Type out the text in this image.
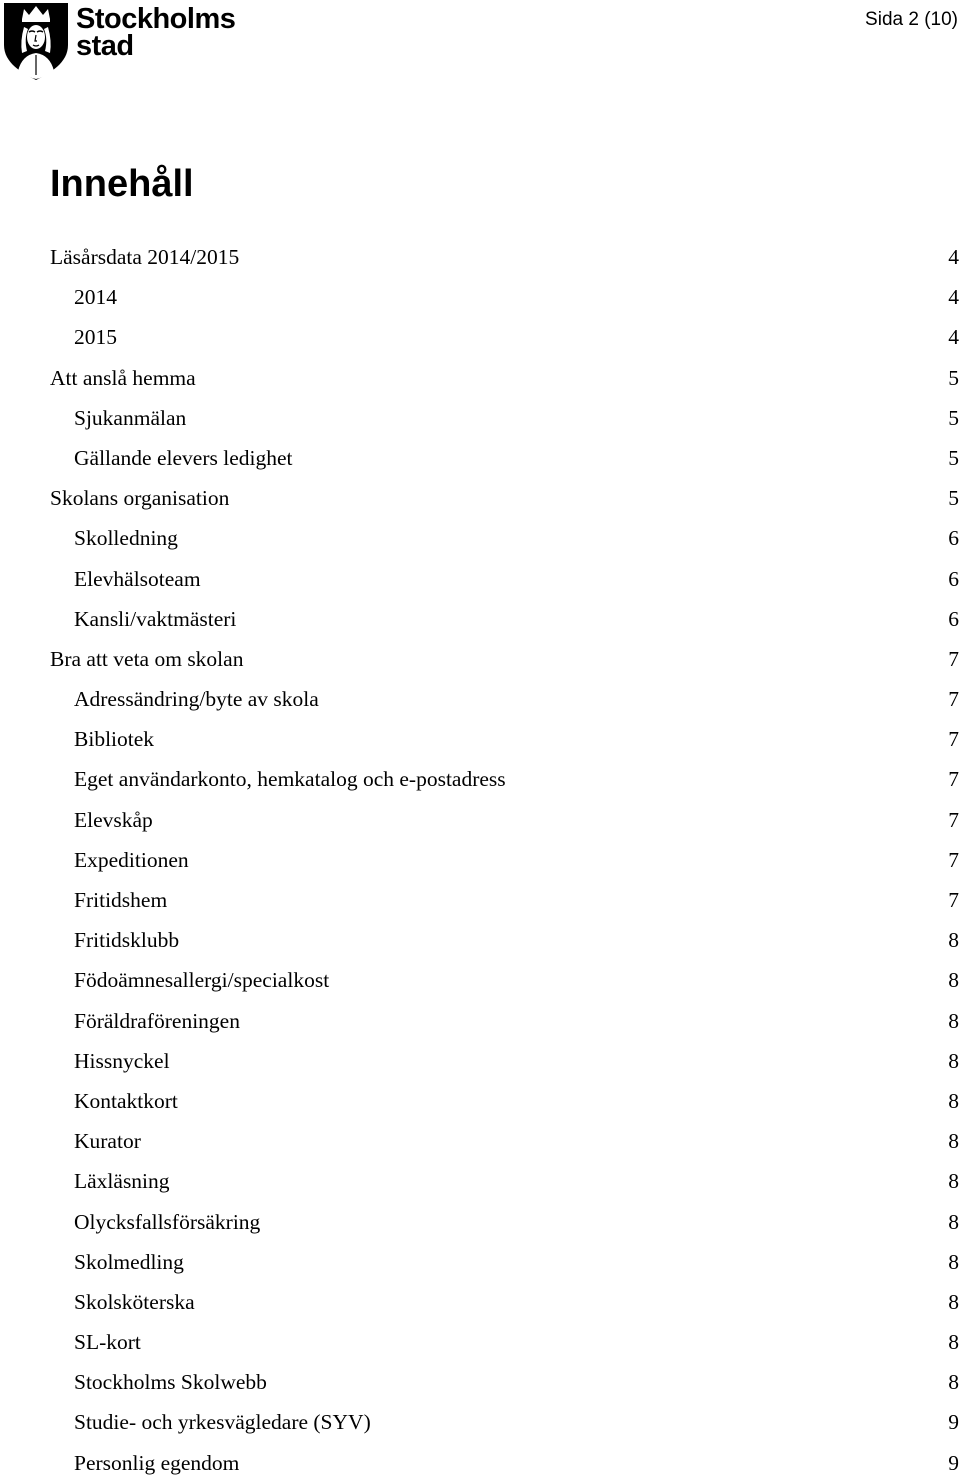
Stockholms
stad
Sida 2 (10)
Innehåll
Läsårsdata 2014/2015	4
2014	4
2015	4
Att anslå hemma	5
Sjukanmälan	5
Gällande elevers ledighet	5
Skolans organisation	5
Skolledning	6
Elevhälsoteam	6
Kansli/vaktmästeri	6
Bra att veta om skolan	7
Adressändring/byte av skola	7
Bibliotek	7
Eget användarkonto, hemkatalog och e-postadress	7
Elevskåp	7
Expeditionen	7
Fritidshem	7
Fritidsklubb	8
Födoämnesallergi/specialkost	8
Föräldraföreningen	8
Hissnyckel	8
Kontaktkort	8
Kurator	8
Läxläsning	8
Olycksfallsförsäkring	8
Skolmedling	8
Skolsköterska	8
SL-kort	8
Stockholms Skolwebb	8
Studie- och yrkesvägledare (SYV)	9
Personlig egendom	9
